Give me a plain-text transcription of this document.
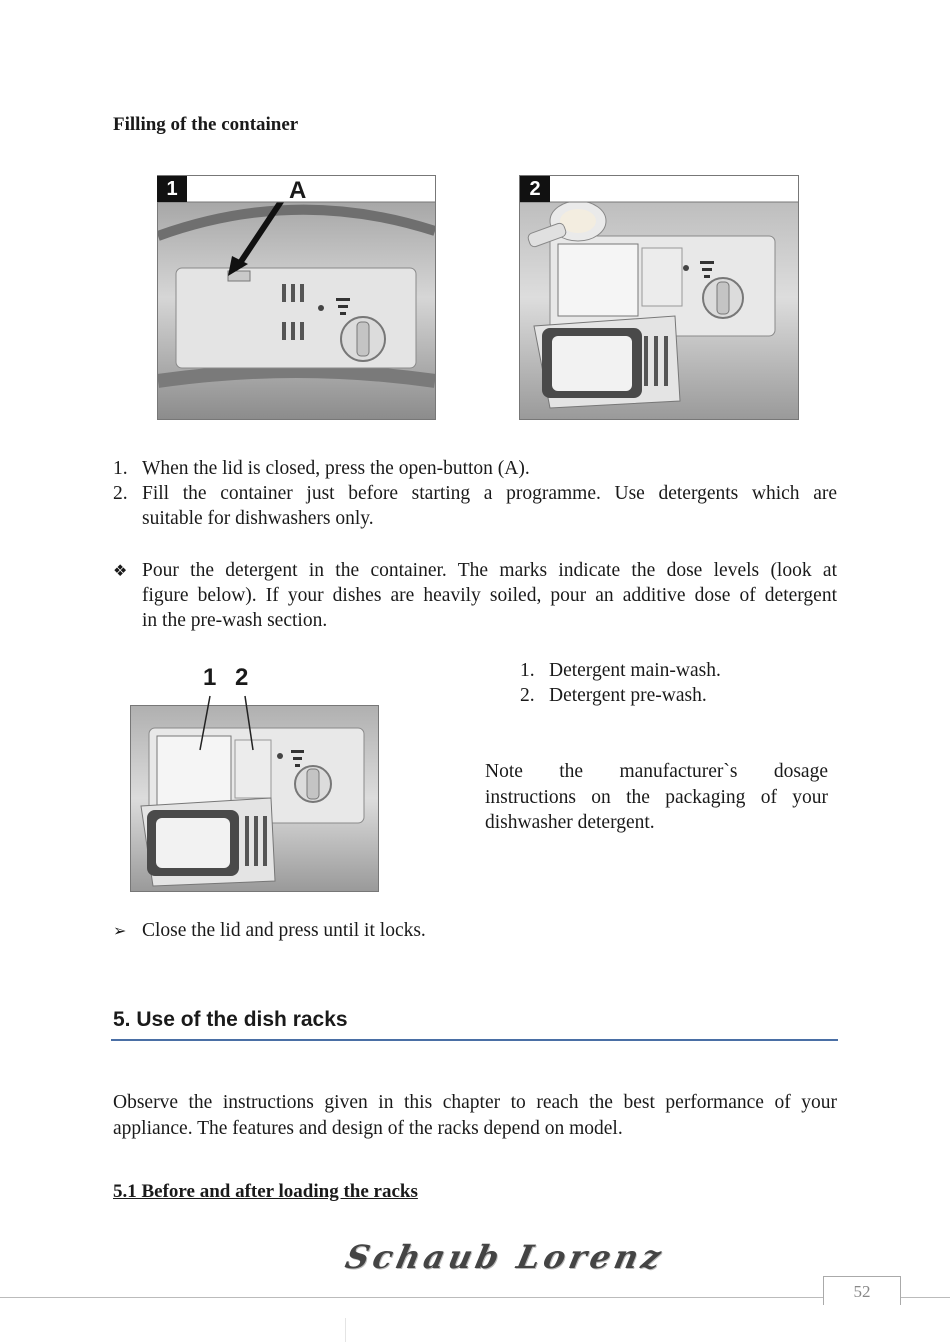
Filling of the container
1	A	2
1. When the lid is closed, press the open-button (A).
2. Fill the container just before starting a programme. Use detergents which are
suitable for dishwashers only.
❖ Pour the detergent in the container. The marks indicate the dose levels (look at
figure below). If your dishes are heavily soiled, pour an additive dose of detergent
in the pre-wash section.
1 2	1. Detergent main-wash.
2. Detergent pre-wash.
Note the manufacturer`s dosage
instructions on the packaging of your
dishwasher detergent.
➢ Close the lid and press until it locks.
5. Use of the dish racks
Observe the instructions given in this chapter to reach the best performance of your
appliance. The features and design of the racks depend on model.
5.1 Before and after loading the racks
Schaub Lorenz
52
